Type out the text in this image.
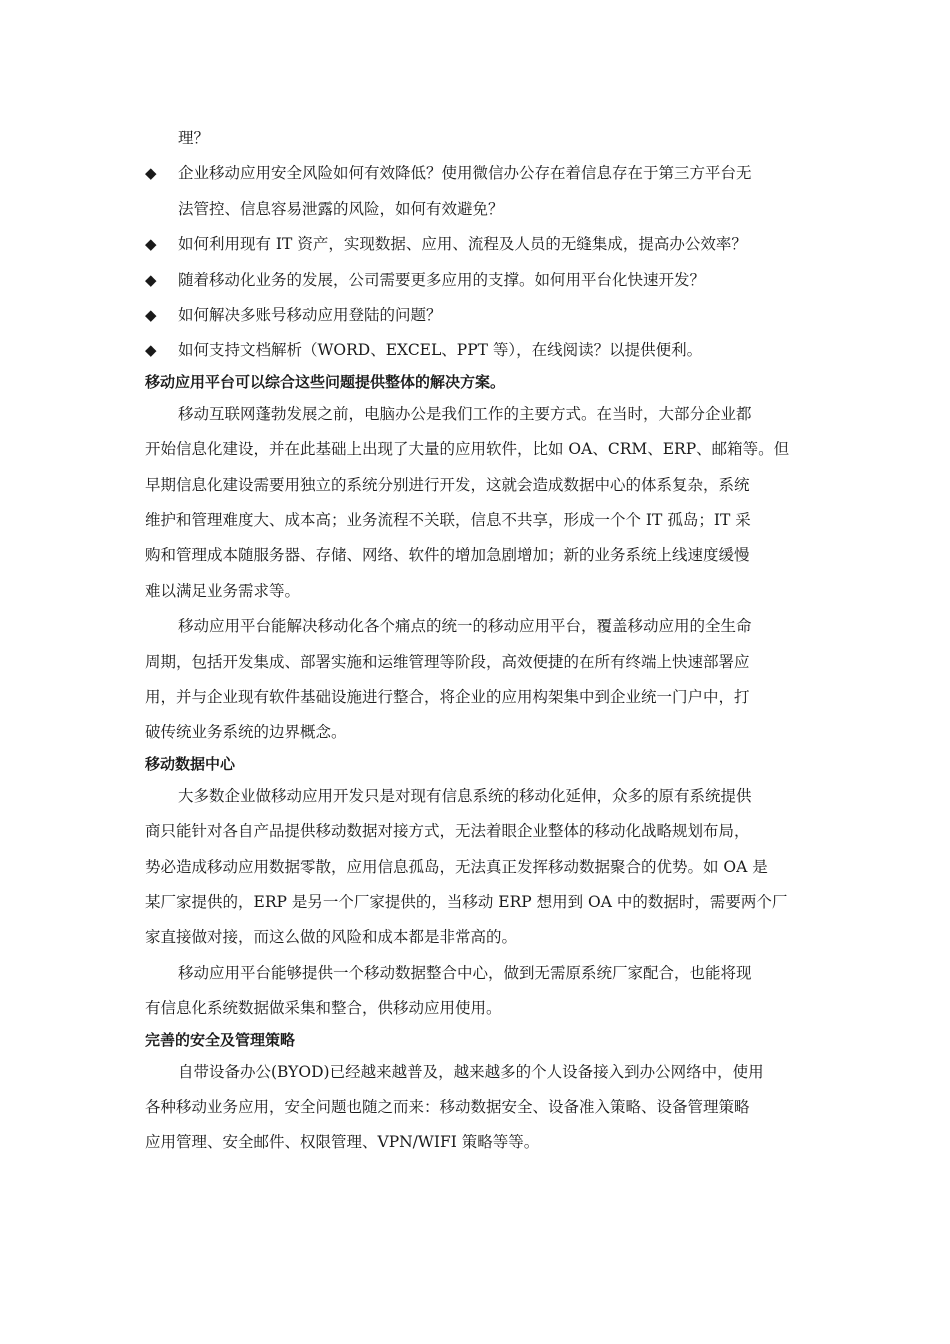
理？
◆ 企业移动应用安全风险如何有效降低？使用微信办公存在着信息存在于第三方平台无
法管控、信息容易泄露的风险，如何有效避免？
◆ 如何利用现有 IT 资产，实现数据、应用、流程及人员的无缝集成，提高办公效率？
◆ 随着移动化业务的发展，公司需要更多应用的支撑。如何用平台化快速开发？
◆ 如何解决多账号移动应用登陆的问题？
◆ 如何支持文档解析（WORD、EXCEL、PPT 等），在线阅读？以提供便利。
移动应用平台可以综合这些问题提供整体的解决方案。
移动互联网蓬勃发展之前，电脑办公是我们工作的主要方式。在当时，大部分企业都
开始信息化建设，并在此基础上出现了大量的应用软件，比如 OA、CRM、ERP、邮箱等。但
早期信息化建设需要用独立的系统分别进行开发，这就会造成数据中心的体系复杂，系统
维护和管理难度大、成本高；业务流程不关联，信息不共享，形成一个个 IT 孤岛；IT 采
购和管理成本随服务器、存储、网络、软件的增加急剧增加；新的业务系统上线速度缓慢
难以满足业务需求等。
移动应用平台能解决移动化各个痛点的统一的移动应用平台，覆盖移动应用的全生命
周期，包括开发集成、部署实施和运维管理等阶段，高效便捷的在所有终端上快速部署应
用，并与企业现有软件基础设施进行整合，将企业的应用构架集中到企业统一门户中，打
破传统业务系统的边界概念。
移动数据中心
大多数企业做移动应用开发只是对现有信息系统的移动化延伸，众多的原有系统提供
商只能针对各自产品提供移动数据对接方式，无法着眼企业整体的移动化战略规划布局，
势必造成移动应用数据零散，应用信息孤岛，无法真正发挥移动数据聚合的优势。如 OA 是
某厂家提供的，ERP 是另一个厂家提供的，当移动 ERP 想用到 OA 中的数据时，需要两个厂
家直接做对接，而这么做的风险和成本都是非常高的。
移动应用平台能够提供一个移动数据整合中心，做到无需原系统厂家配合，也能将现
有信息化系统数据做采集和整合，供移动应用使用。
完善的安全及管理策略
自带设备办公(BYOD)已经越来越普及，越来越多的个人设备接入到办公网络中，使用
各种移动业务应用，安全问题也随之而来：移动数据安全、设备准入策略、设备管理策略
应用管理、安全邮件、权限管理、VPN/WIFI 策略等等。
